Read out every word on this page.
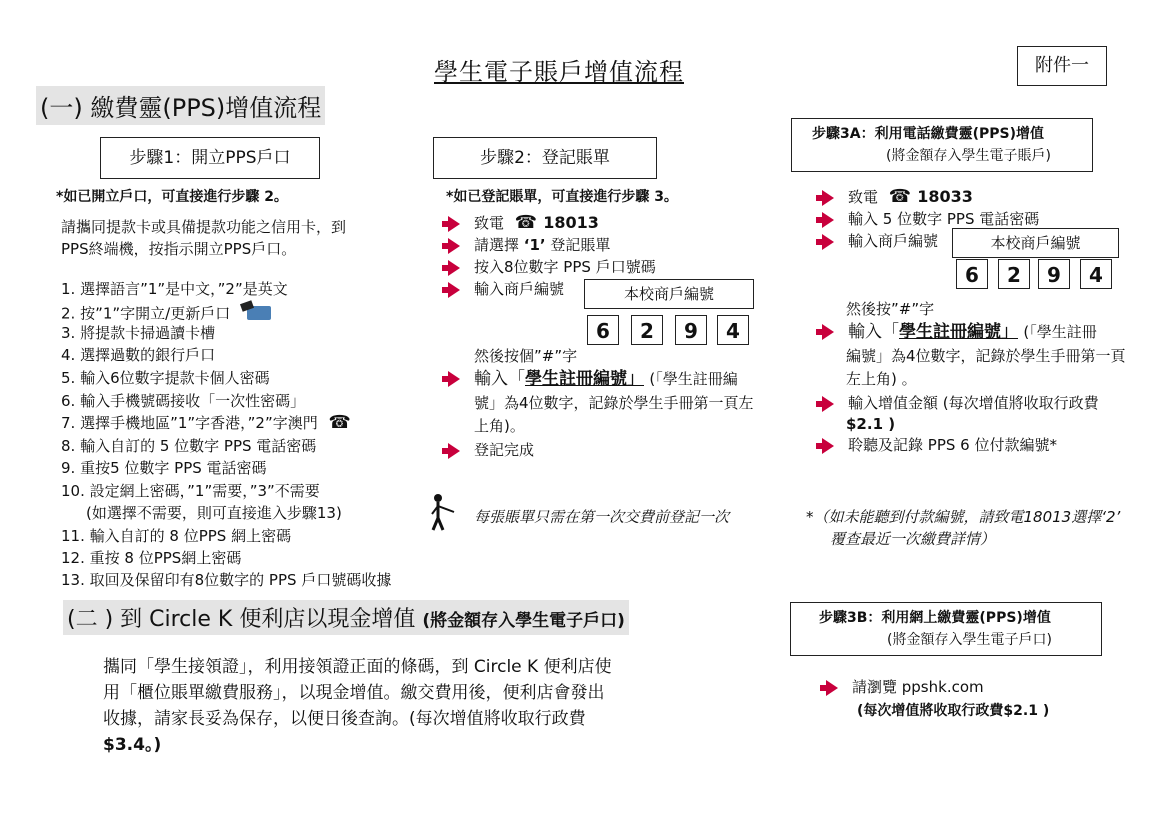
學生電子賬戶增值流程	附件一
(一) 繳費靈(PPS)增值流程
步驟1：開立PPS戶口
*如已開立戶口，可直接進行步驟 2。
請攜同提款卡或具備提款功能之信用卡，到
PPS終端機，按指示開立PPS戶口。
1. 選擇語言”1”是中文，”2”是英文
2. 按”1”字開立/更新戶口
3. 將提款卡掃過讀卡槽
4. 選擇過數的銀行戶口
5. 輸入6位數字提款卡個人密碼
6. 輸入手機號碼接收「一次性密碼」
7. 選擇手機地區”1”字香港，”2”字澳門 ☎
8. 輸入自訂的 5 位數字 PPS 電話密碼
9. 重按5 位數字 PPS 電話密碼
10. 設定網上密碼，”1”需要，”3”不需要
(如選擇不需要，則可直接進入步驟13)
11. 輸入自訂的 8 位PPS 網上密碼
12. 重按 8 位PPS網上密碼
13. 取回及保留印有8位數字的 PPS 戶口號碼收據
步驟2：登記賬單
*如已登記賬單，可直接進行步驟 3。
致電 ☎ 18013
請選擇 ‘1’ 登記賬單
按入8位數字 PPS 戶口號碼
輸入商戶編號	本校商戶編號
6	2	9	4
然後按個”#”字
輸入「學生註冊編號」 (「學生註冊編
號」為4位數字，記錄於學生手冊第一頁左
上角)。
登記完成
每張賬單只需在第一次交費前登記一次
步驟3A：利用電話繳費靈(PPS)增值
(將金額存入學生電子賬戶)
致電 ☎ 18033
輸入 5 位數字 PPS 電話密碼
輸入商戶編號	本校商戶編號
6	2	9	4
然後按”#”字
輸入「學生註冊編號」 (「學生註冊
編號」為4位數字，記錄於學生手冊第一頁
左上角) 。
輸入增值金額 (每次增值將收取行政費
$2.1 )
聆聽及記錄 PPS 6 位付款編號*
*（如未能聽到付款編號，請致電18013選擇‘2’
覆查最近一次繳費詳情）
(二 ) 到 Circle K 便利店以現金增值 (將金額存入學生電子戶口)
攜同「學生接領證」，利用接領證正面的條碼，到 Circle K 便利店使
用「櫃位賬單繳費服務」，以現金增值。繳交費用後，便利店會發出
收據，請家長妥為保存，以便日後查詢。(每次增值將收取行政費
$3.4。)
步驟3B：利用網上繳費靈(PPS)增值
(將金額存入學生電子戶口)
請瀏覽 ppshk.com
(每次增值將收取行政費$2.1 )
